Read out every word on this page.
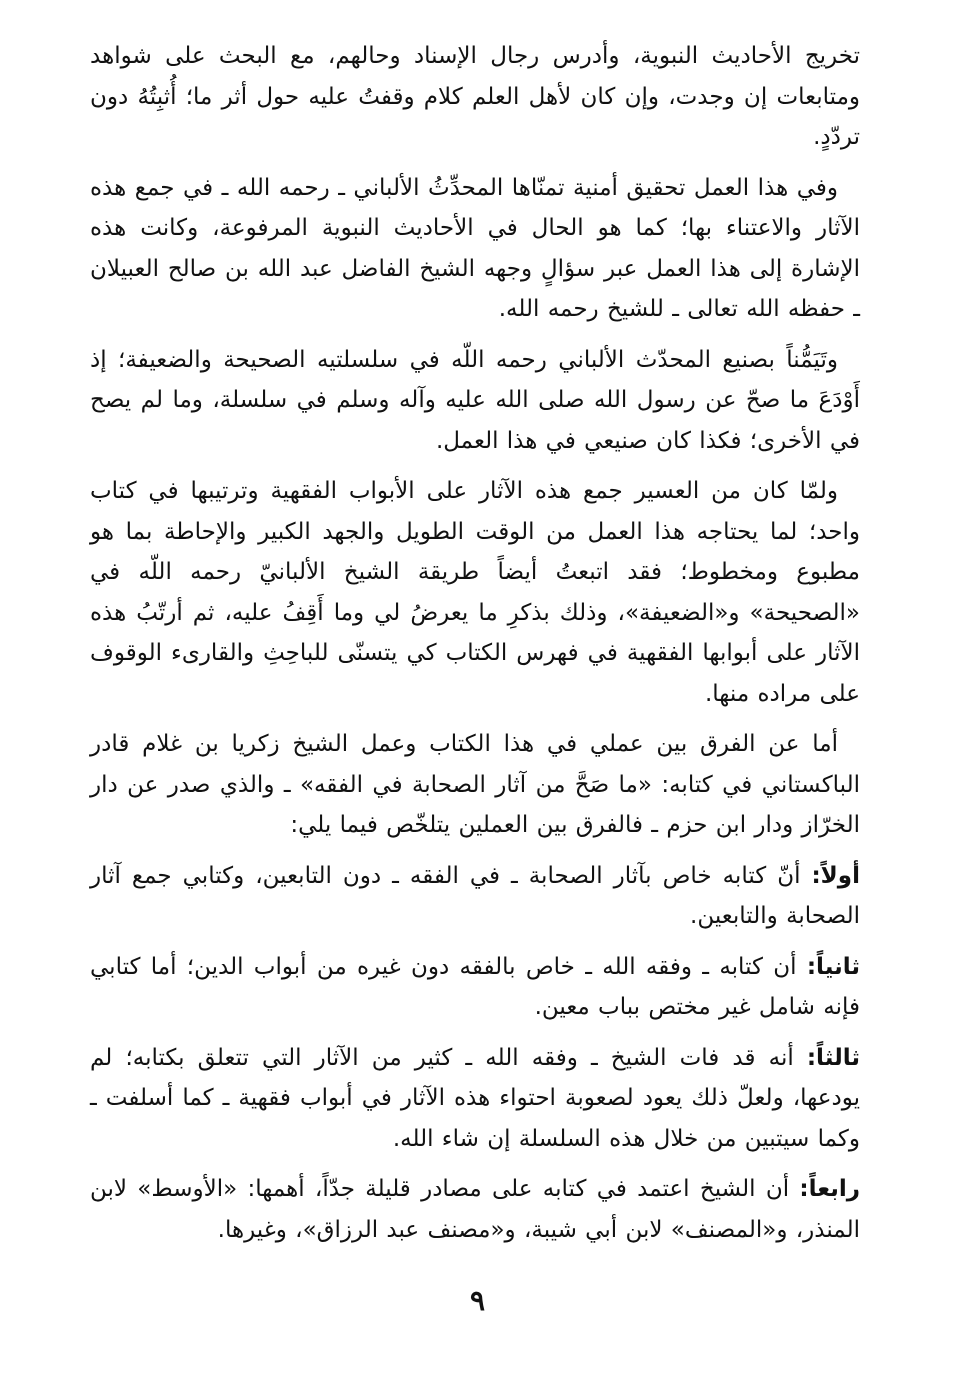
تخريج الأحاديث النبوية، وأدرس رجال الإسناد وحالهم، مع البحث على شواهد ومتابعات إن وجدت، وإن كان لأهل العلم كلام وقفتُ عليه حول أثر ما؛ أُثبِتُهُ دون تردّدٍ.

وفي هذا العمل تحقيق أمنية تمنّاها المحدِّثُ الألباني ـ رحمه الله ـ في جمع هذه الآثار والاعتناء بها؛ كما هو الحال في الأحاديث النبوية المرفوعة، وكانت هذه الإشارة إلى هذا العمل عبر سؤالٍ وجهه الشيخ الفاضل عبد الله بن صالح العبيلان ـ حفظه الله تعالى ـ للشيخ رحمه الله.

وتَيَمُّناً بصنيع المحدّث الألباني رحمه اللّه في سلسلتيه الصحيحة والضعيفة؛ إذ أَوْدَعَ ما صحّ عن رسول الله صلى الله عليه وآله وسلم في سلسلة، وما لم يصح في الأخرى؛ فكذا كان صنيعي في هذا العمل.

ولمّا كان من العسير جمع هذه الآثار على الأبواب الفقهية وترتيبها في كتاب واحد؛ لما يحتاجه هذا العمل من الوقت الطويل والجهد الكبير والإحاطة بما هو مطبوع ومخطوط؛ فقد اتبعتُ أيضاً طريقة الشيخ الألبانيّ رحمه اللّه في «الصحيحة» و«الضعيفة»، وذلك بذكرِ ما يعرضُ لي وما أَقِفُ عليه، ثم أرتّبُ هذه الآثار على أبوابها الفقهية في فهرس الكتاب كي يتسنّى للباحِثِ والقارىء الوقوف على مراده منها.

أما عن الفرق بين عملي في هذا الكتاب وعمل الشيخ زكريا بن غلام قادر الباكستاني في كتابه: «ما صَحَّ من آثار الصحابة في الفقه» ـ والذي صدر عن دار الخرّاز ودار ابن حزم ـ فالفرق بين العملين يتلخّص فيما يلي:

أولاً: أنّ كتابه خاص بآثار الصحابة ـ في الفقه ـ دون التابعين، وكتابي جمع آثار الصحابة والتابعين.

ثانياً: أن كتابه ـ وفقه الله ـ خاص بالفقه دون غيره من أبواب الدين؛ أما كتابي فإنه شامل غير مختص بباب معين.

ثالثاً: أنه قد فات الشيخ ـ وفقه الله ـ كثير من الآثار التي تتعلق بكتابه؛ لم يودعها، ولعلّ ذلك يعود لصعوبة احتواء هذه الآثار في أبواب فقهية ـ كما أسلفت ـ وكما سيتبين من خلال هذه السلسلة إن شاء الله.

رابعاً: أن الشيخ اعتمد في كتابه على مصادر قليلة جدّاً، أهمها: «الأوسط» لابن المنذر، و«المصنف» لابن أبي شيبة، و«مصنف عبد الرزاق»، وغيرها.

٩
